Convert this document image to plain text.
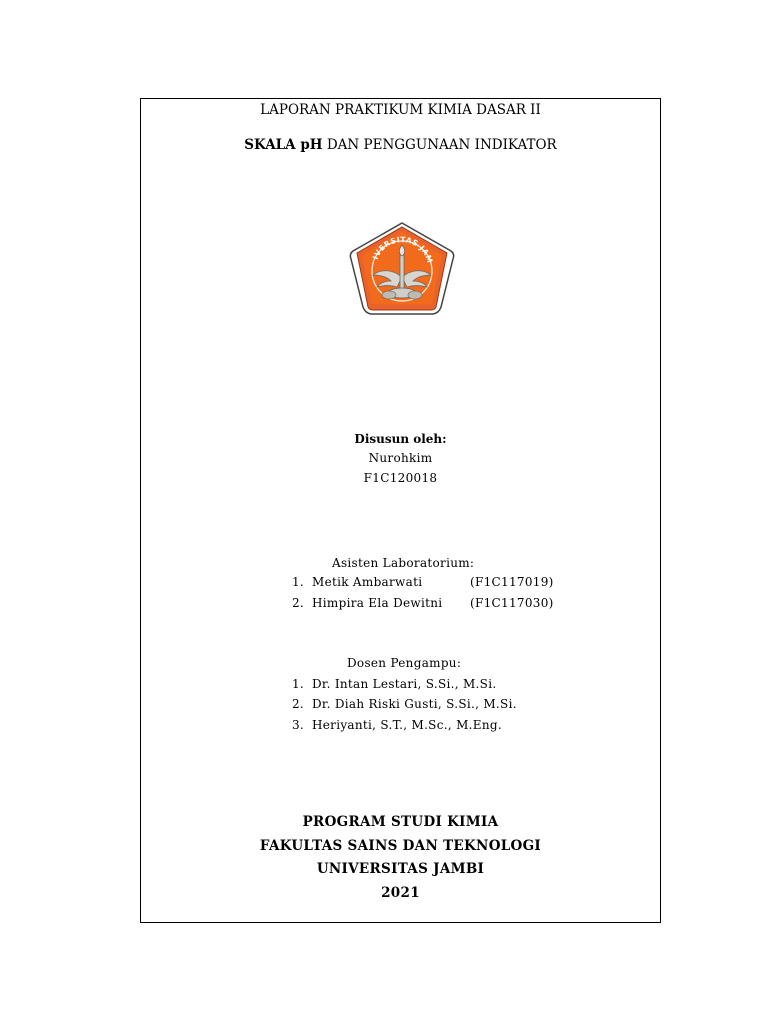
LAPORAN PRAKTIKUM KIMIA DASAR II
SKALA pH DAN PENGGUNAAN INDIKATOR
IVERSITAS JAM
Disusun oleh:
Nurohkim
F1C120018
Asisten Laboratorium:
1. Metik Ambarwati	(F1C117019)
2. Himpira Ela Dewitni (F1C117030)
Dosen Pengampu:
1. Dr. Intan Lestari, S.Si., M.Si.
2. Dr. Diah Riski Gusti, S.Si., M.Si.
3. Heriyanti, S.T., M.Sc., M.Eng.
PROGRAM STUDI KIMIA
FAKULTAS SAINS DAN TEKNOLOGI
UNIVERSITAS JAMBI
2021
